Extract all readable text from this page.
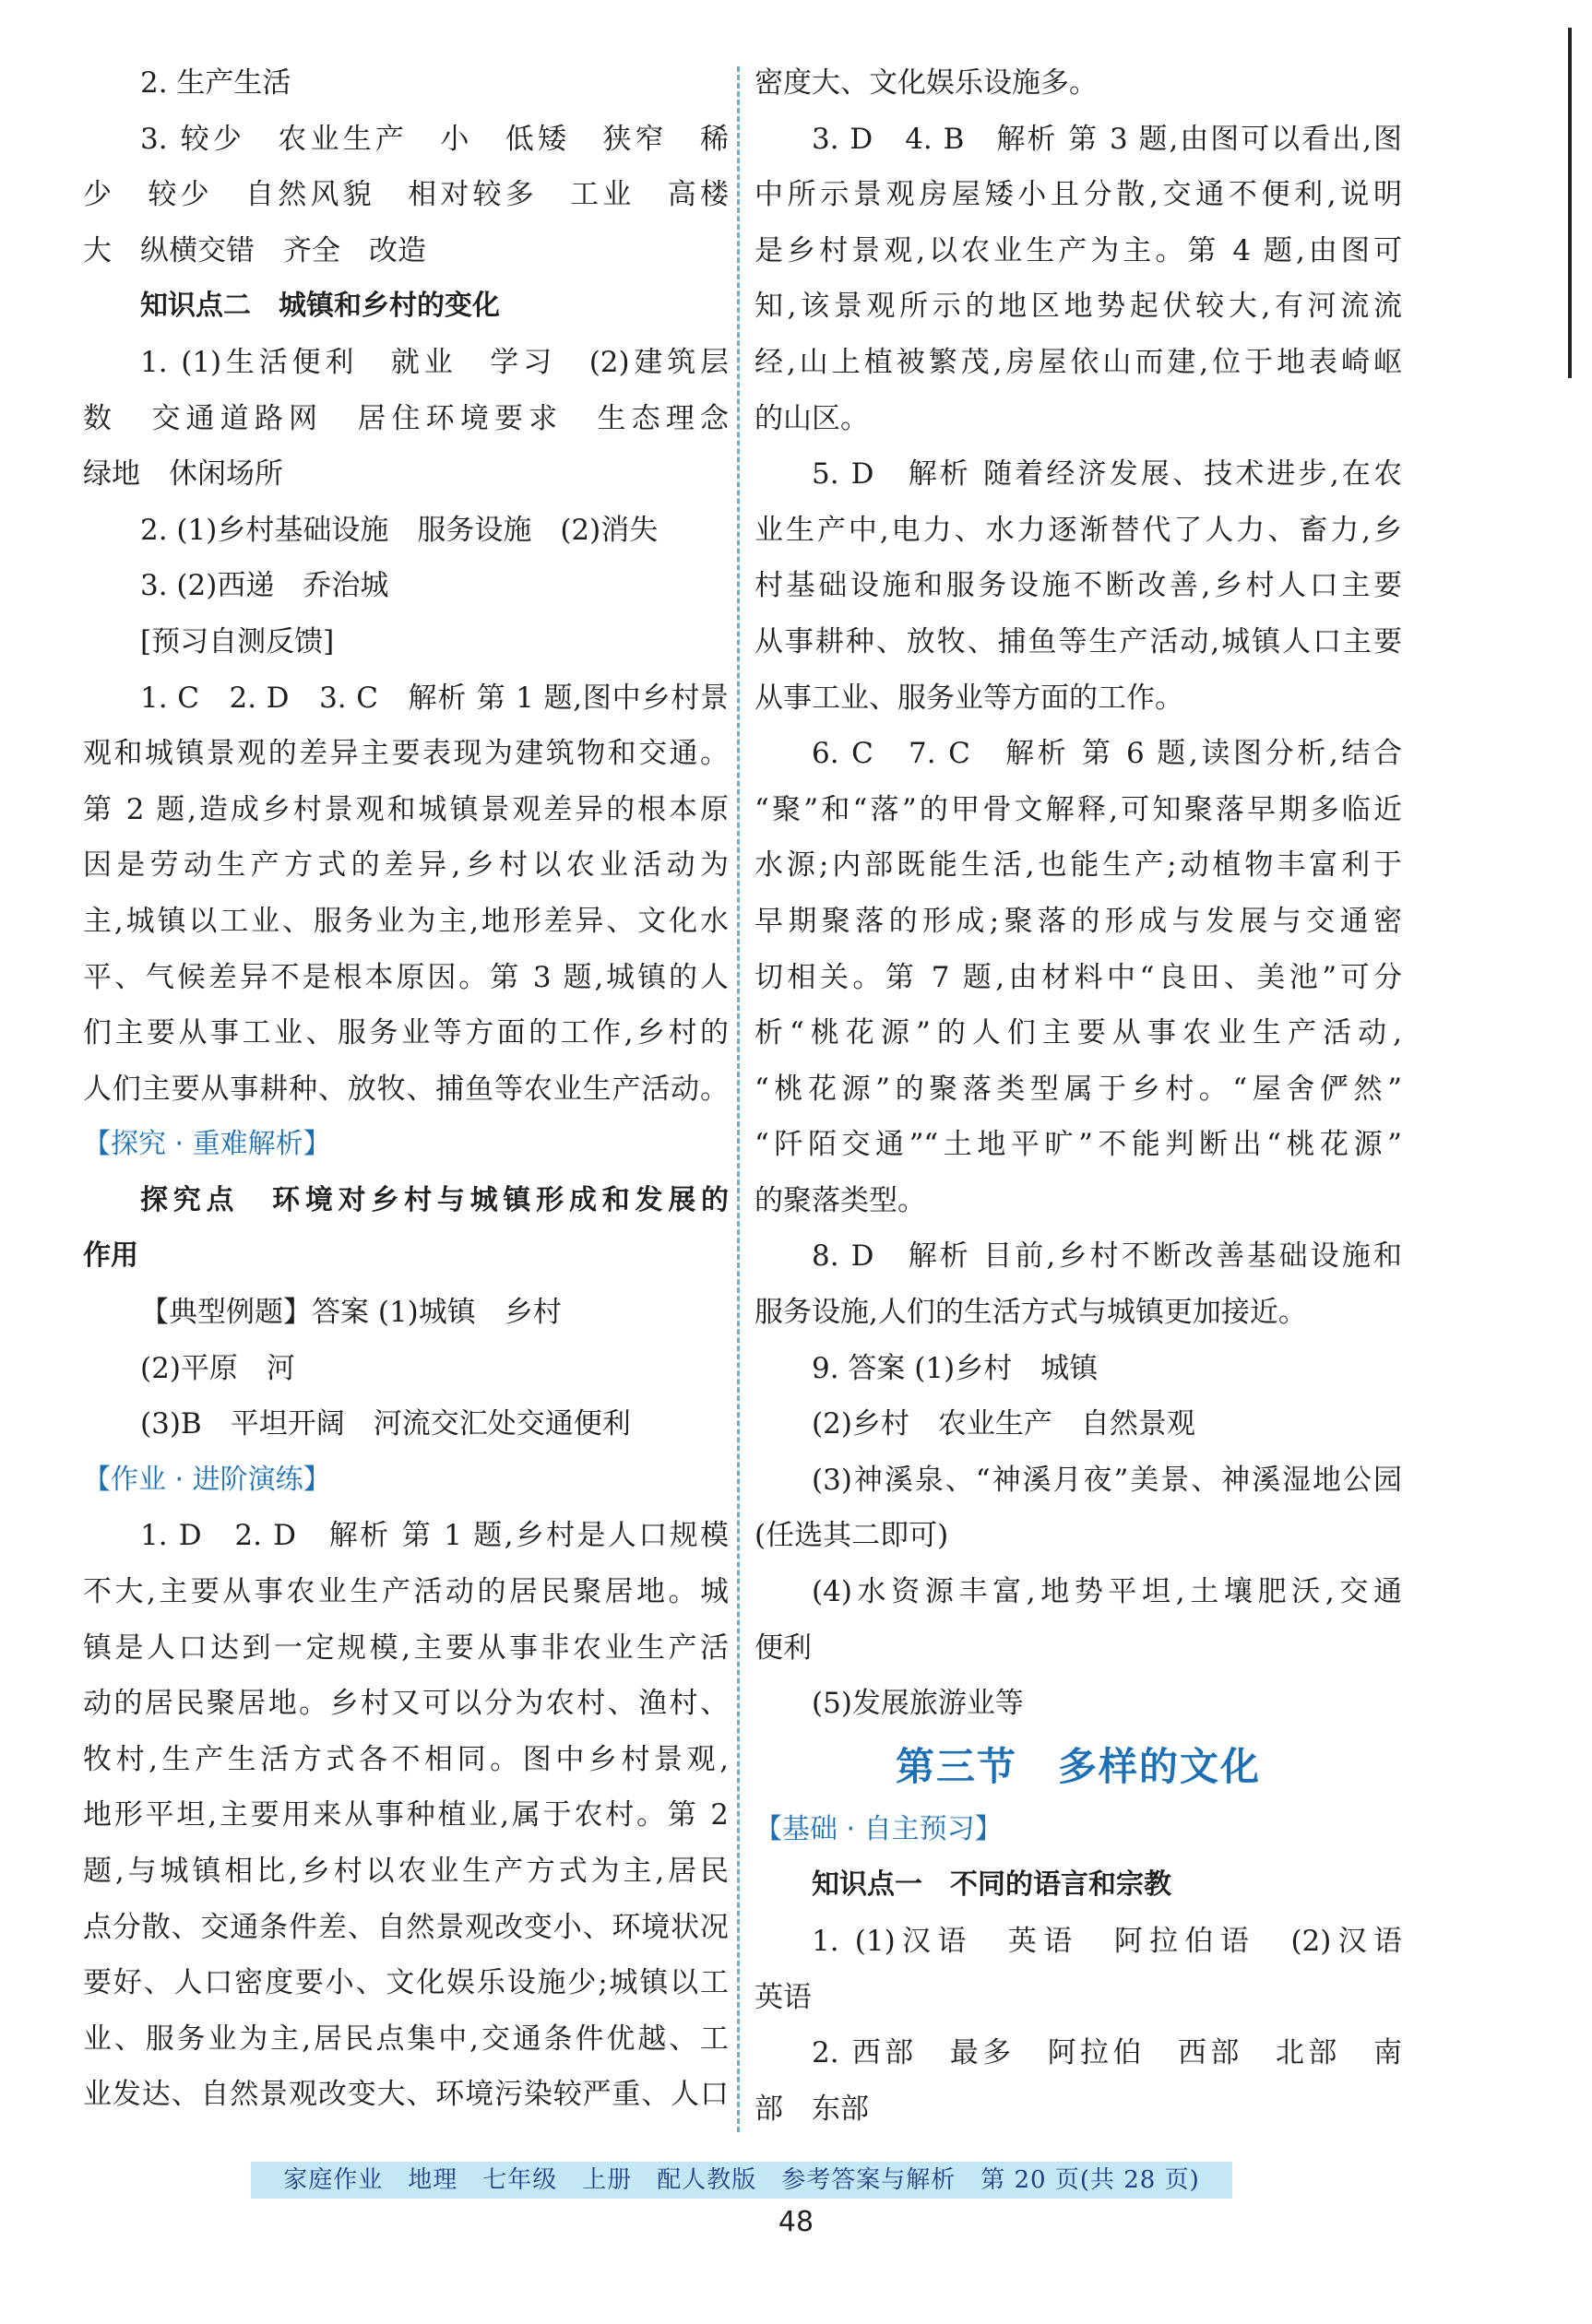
2. 生产生活
3. 较少　农业生产　小　低矮　狭窄　稀
少　较少　自然风貌　相对较多　工业　高楼
大　纵横交错　齐全　改造
知识点二　城镇和乡村的变化
1. (1)生活便利　就业　学习　(2)建筑层
数　交通道路网　居住环境要求　生态理念
绿地　休闲场所
2. (1)乡村基础设施　服务设施　(2)消失
3. (2)西递　乔治城
[预习自测反馈]
1. C　2. D　3. C　解析 第 1 题,图中乡村景
观和城镇景观的差异主要表现为建筑物和交通。
第 2 题,造成乡村景观和城镇景观差异的根本原
因是劳动生产方式的差异,乡村以农业活动为
主,城镇以工业、服务业为主,地形差异、文化水
平、气候差异不是根本原因。第 3 题,城镇的人
们主要从事工业、服务业等方面的工作,乡村的
人们主要从事耕种、放牧、捕鱼等农业生产活动。
【探究 · 重难解析】
探究点　环境对乡村与城镇形成和发展的
作用
【典型例题】答案 (1)城镇　乡村
(2)平原　河
(3)B　平坦开阔　河流交汇处交通便利
【作业 · 进阶演练】
1. D　2. D　解析 第 1 题,乡村是人口规模
不大,主要从事农业生产活动的居民聚居地。城
镇是人口达到一定规模,主要从事非农业生产活
动的居民聚居地。乡村又可以分为农村、渔村、
牧村,生产生活方式各不相同。图中乡村景观,
地形平坦,主要用来从事种植业,属于农村。第 2
题,与城镇相比,乡村以农业生产方式为主,居民
点分散、交通条件差、自然景观改变小、环境状况
要好、人口密度要小、文化娱乐设施少;城镇以工
业、服务业为主,居民点集中,交通条件优越、工
业发达、自然景观改变大、环境污染较严重、人口
密度大、文化娱乐设施多。
3. D　4. B　解析 第 3 题,由图可以看出,图
中所示景观房屋矮小且分散,交通不便利,说明
是乡村景观,以农业生产为主。第 4 题,由图可
知,该景观所示的地区地势起伏较大,有河流流
经,山上植被繁茂,房屋依山而建,位于地表崎岖
的山区。
5. D　解析 随着经济发展、技术进步,在农
业生产中,电力、水力逐渐替代了人力、畜力,乡
村基础设施和服务设施不断改善,乡村人口主要
从事耕种、放牧、捕鱼等生产活动,城镇人口主要
从事工业、服务业等方面的工作。
6. C　7. C　解析 第 6 题,读图分析,结合
“聚”和“落”的甲骨文解释,可知聚落早期多临近
水源;内部既能生活,也能生产;动植物丰富利于
早期聚落的形成;聚落的形成与发展与交通密
切相关。第 7 题,由材料中“良田、美池”可分
析“桃花源”的人们主要从事农业生产活动,
“桃花源”的聚落类型属于乡村。“屋舍俨然”
“阡陌交通”“土地平旷”不能判断出“桃花源”
的聚落类型。
8. D　解析 目前,乡村不断改善基础设施和
服务设施,人们的生活方式与城镇更加接近。
9. 答案 (1)乡村　城镇
(2)乡村　农业生产　自然景观
(3)神溪泉、“神溪月夜”美景、神溪湿地公园
(任选其二即可)
(4)水资源丰富,地势平坦,土壤肥沃,交通
便利
(5)发展旅游业等
第三节　多样的文化
【基础 · 自主预习】
知识点一　不同的语言和宗教
1. (1)汉语　英语　阿拉伯语　(2)汉语
英语
2. 西部　最多　阿拉伯　西部　北部　南
部　东部
家庭作业　地理　七年级　上册　配人教版　参考答案与解析　第 20 页(共 28 页)
48
